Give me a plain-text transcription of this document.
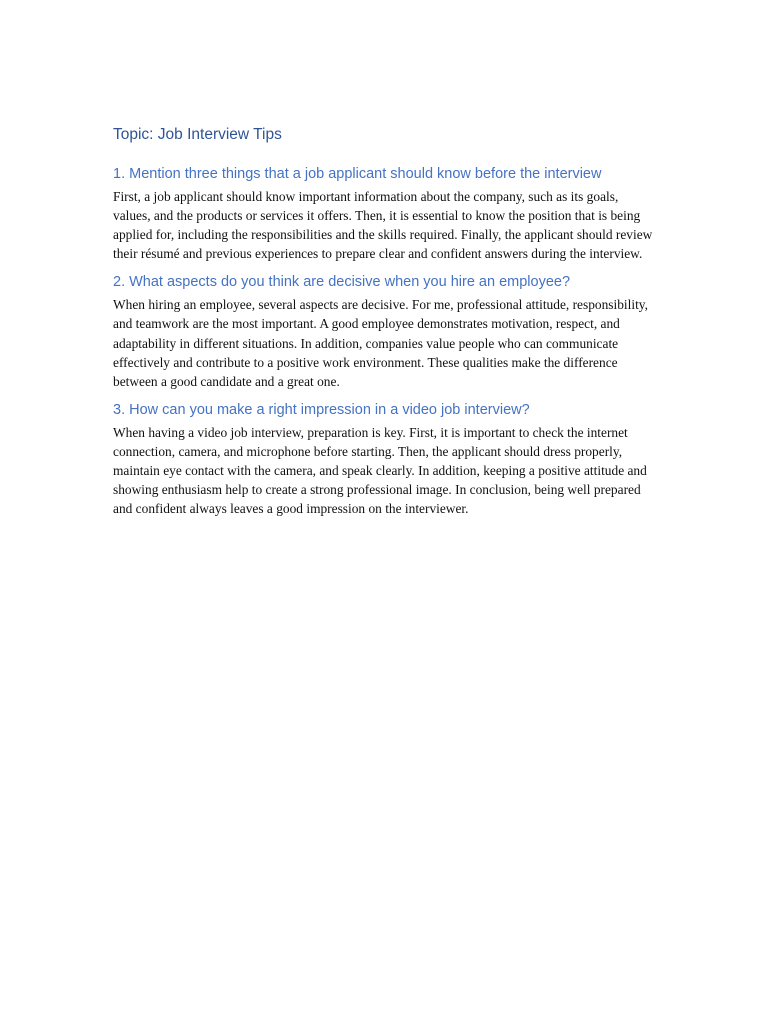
Topic: Job Interview Tips
1. Mention three things that a job applicant should know before the interview

First, a job applicant should know important information about the company, such as its goals, values, and the products or services it offers. Then, it is essential to know the position that is being applied for, including the responsibilities and the skills required. Finally, the applicant should review their résumé and previous experiences to prepare clear and confident answers during the interview.

2. What aspects do you think are decisive when you hire an employee?

When hiring an employee, several aspects are decisive. For me, professional attitude, responsibility, and teamwork are the most important. A good employee demonstrates motivation, respect, and adaptability in different situations. In addition, companies value people who can communicate effectively and contribute to a positive work environment. These qualities make the difference between a good candidate and a great one.

3. How can you make a right impression in a video job interview?

When having a video job interview, preparation is key. First, it is important to check the internet connection, camera, and microphone before starting. Then, the applicant should dress properly, maintain eye contact with the camera, and speak clearly. In addition, keeping a positive attitude and showing enthusiasm help to create a strong professional image. In conclusion, being well prepared and confident always leaves a good impression on the interviewer.
